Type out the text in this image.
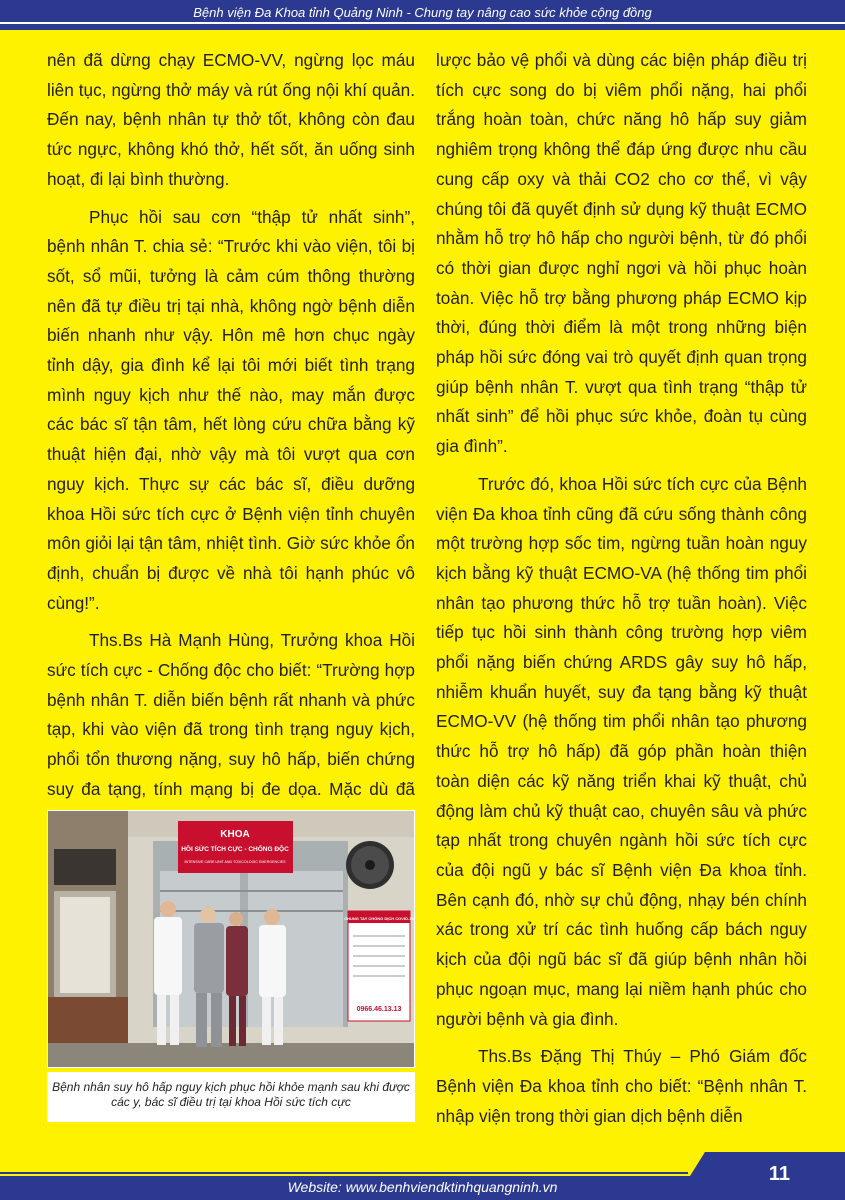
Bệnh viện Đa Khoa tỉnh Quảng Ninh - Chung tay nâng cao sức khỏe cộng đồng

nên đã dừng chạy ECMO-VV, ngừng lọc máu liên tục, ngừng thở máy và rút ống nội khí quản. Đến nay, bệnh nhân tự thở tốt, không còn đau tức ngực, không khó thở, hết sốt, ăn uống sinh hoạt, đi lại bình thường.

Phục hồi sau cơn “thập tử nhất sinh”, bệnh nhân T. chia sẻ: “Trước khi vào viện, tôi bị sốt, sổ mũi, tưởng là cảm cúm thông thường nên đã tự điều trị tại nhà, không ngờ bệnh diễn biến nhanh như vậy. Hôn mê hơn chục ngày tỉnh dậy, gia đình kể lại tôi mới biết tình trạng mình nguy kịch như thế nào, may mắn được các bác sĩ tận tâm, hết lòng cứu chữa bằng kỹ thuật hiện đại, nhờ vậy mà tôi vượt qua cơn nguy kịch. Thực sự các bác sĩ, điều dưỡng khoa Hồi sức tích cực ở Bệnh viện tỉnh chuyên môn giỏi lại tận tâm, nhiệt tình. Giờ sức khỏe ổn định, chuẩn bị được về nhà tôi hạnh phúc vô cùng!”.

Ths.Bs Hà Mạnh Hùng, Trưởng khoa Hồi sức tích cực - Chống độc cho biết: “Trường hợp bệnh nhân T. diễn biến bệnh rất nhanh và phức tạp, khi vào viện đã trong tình trạng nguy kịch, phổi tổn thương nặng, suy hô hấp, biến chứng suy đa tạng, tính mạng bị đe dọa. Mặc dù đã

KHOA
HỒI SỨC TÍCH CỰC - CHỐNG ĐỘC
INTENSIVE CARE UNIT AND TOXICOLOGIC EMERGENCIES
CHUNG TAY CHỐNG DỊCH COVID-19
0966.46.13.13
Bệnh nhân suy hô hấp nguy kịch phục hồi khỏe mạnh sau khi được các y, bác sĩ điều trị tại khoa Hồi sức tích cực

lược bảo vệ phổi và dùng các biện pháp điều trị tích cực song do bị viêm phổi nặng, hai phổi trắng hoàn toàn, chức năng hô hấp suy giảm nghiêm trọng không thể đáp ứng được nhu cầu cung cấp oxy và thải CO2 cho cơ thể, vì vậy chúng tôi đã quyết định sử dụng kỹ thuật ECMO nhằm hỗ trợ hô hấp cho người bệnh, từ đó phổi có thời gian được nghỉ ngơi và hồi phục hoàn toàn. Việc hỗ trợ bằng phương pháp ECMO kịp thời, đúng thời điểm là một trong những biện pháp hồi sức đóng vai trò quyết định quan trọng giúp bệnh nhân T. vượt qua tình trạng “thập tử nhất sinh” để hồi phục sức khỏe, đoàn tụ cùng gia đình”.

Trước đó, khoa Hồi sức tích cực của Bệnh viện Đa khoa tỉnh cũng đã cứu sống thành công một trường hợp sốc tim, ngừng tuần hoàn nguy kịch bằng kỹ thuật ECMO-VA (hệ thống tim phổi nhân tạo phương thức hỗ trợ tuần hoàn). Việc tiếp tục hồi sinh thành công trường hợp viêm phổi nặng biến chứng ARDS gây suy hô hấp, nhiễm khuẩn huyết, suy đa tạng bằng kỹ thuật ECMO-VV (hệ thống tim phổi nhân tạo phương thức hỗ trợ hô hấp) đã góp phần hoàn thiện toàn diện các kỹ năng triển khai kỹ thuật, chủ động làm chủ kỹ thuật cao, chuyên sâu và phức tạp nhất trong chuyên ngành hồi sức tích cực của đội ngũ y bác sĩ Bệnh viện Đa khoa tỉnh. Bên cạnh đó, nhờ sự chủ động, nhạy bén chính xác trong xử trí các tình huống cấp bách nguy kịch của đội ngũ bác sĩ đã giúp bệnh nhân hồi phục ngoạn mục, mang lại niềm hạnh phúc cho người bệnh và gia đình.

Ths.Bs Đặng Thị Thúy – Phó Giám đốc Bệnh viện Đa khoa tỉnh cho biết: “Bệnh nhân T. nhập viện trong thời gian dịch bệnh diễn

11
Website: www.benhviendktinhquangninh.vn
